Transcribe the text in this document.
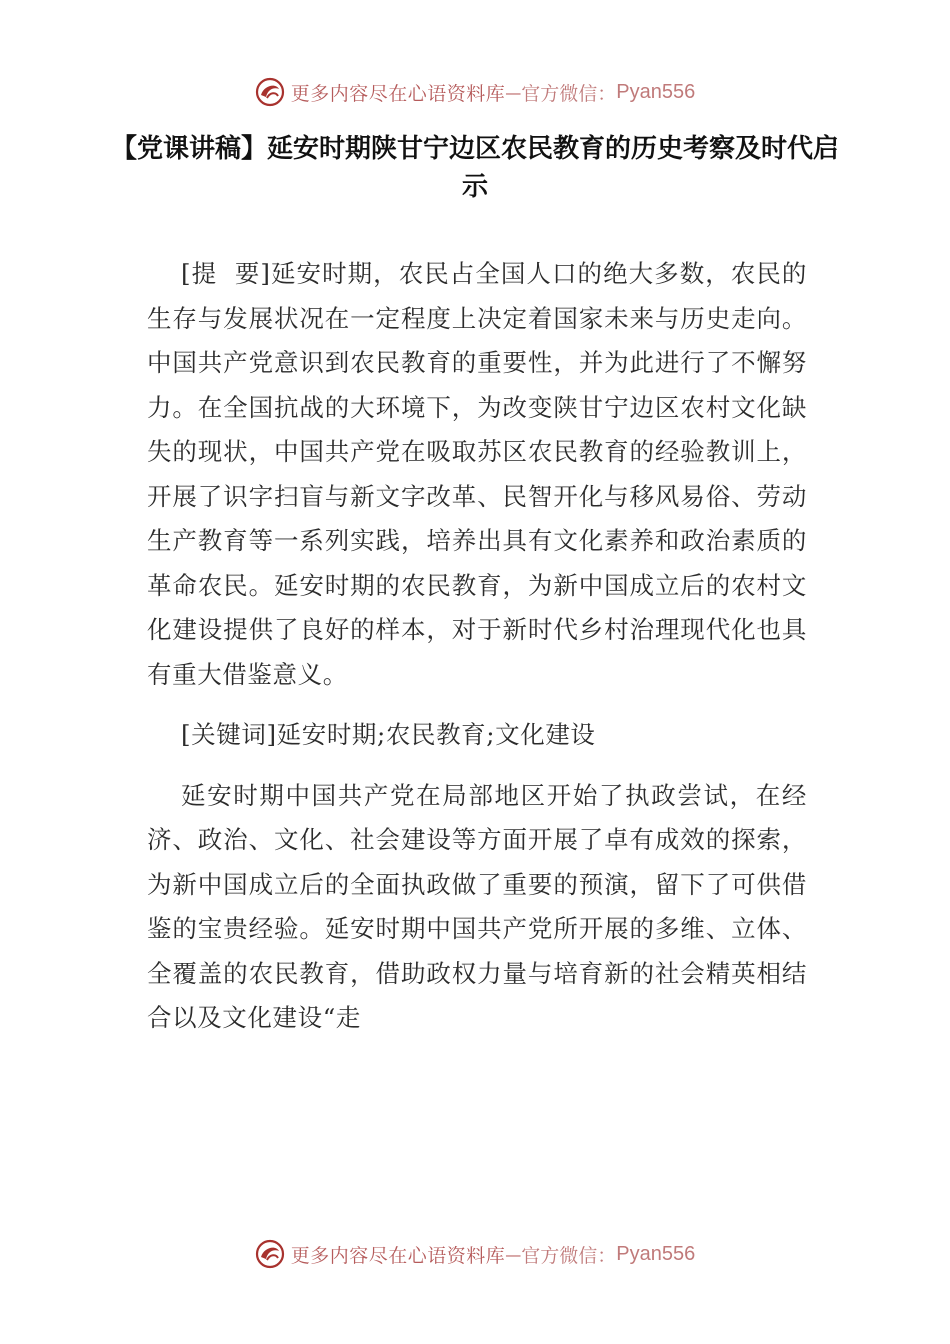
更多内容尽在心语资料库 — 官方微信： Pyan556
【党课讲稿】延安时期陕甘宁边区农民教育的历史考察及时代启示

[提  要]延安时期，农民占全国人口的绝大多数，农民的生存与发展状况在一定程度上决定着国家未来与历史走向。中国共产党意识到农民教育的重要性，并为此进行了不懈努力。在全国抗战的大环境下，为改变陕甘宁边区农村文化缺失的现状，中国共产党在吸取苏区农民教育的经验教训上，开展了识字扫盲与新文字改革、民智开化与移风易俗、劳动生产教育等一系列实践，培养出具有文化素养和政治素质的革命农民。延安时期的农民教育，为新中国成立后的农村文化建设提供了良好的样本，对于新时代乡村治理现代化也具有重大借鉴意义。

[关键词]延安时期;农民教育;文化建设

延安时期中国共产党在局部地区开始了执政尝试，在经济、政治、文化、社会建设等方面开展了卓有成效的探索，为新中国成立后的全面执政做了重要的预演，留下了可供借鉴的宝贵经验。延安时期中国共产党所开展的多维、立体、全覆盖的农民教育，借助政权力量与培育新的社会精英相结合以及文化建设“走

更多内容尽在心语资料库 — 官方微信： Pyan556
